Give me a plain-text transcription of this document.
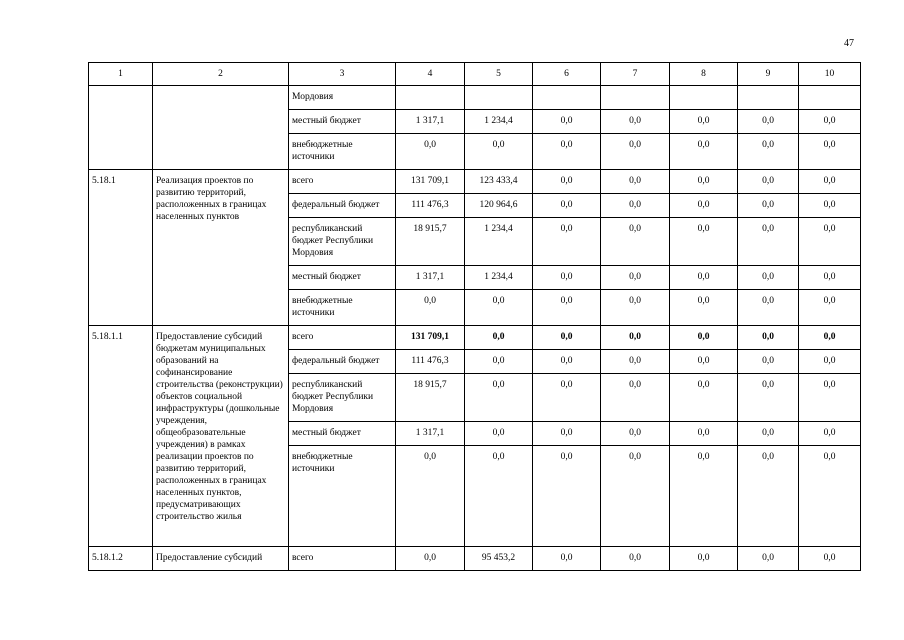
47
1	2	3	4	5	6	7	8	9	10
		Мордовия							
		местный бюджет	1 317,1	1 234,4	0,0	0,0	0,0	0,0	0,0
		внебюджетные источники	0,0	0,0	0,0	0,0	0,0	0,0	0,0
5.18.1	Реализация проектов по развитию территорий, расположенных в границах населенных пунктов	всего	131 709,1	123 433,4	0,0	0,0	0,0	0,0	0,0
		федеральный бюджет	111 476,3	120 964,6	0,0	0,0	0,0	0,0	0,0
		республиканский бюджет Республики Мордовия	18 915,7	1 234,4	0,0	0,0	0,0	0,0	0,0
		местный бюджет	1 317,1	1 234,4	0,0	0,0	0,0	0,0	0,0
		внебюджетные источники	0,0	0,0	0,0	0,0	0,0	0,0	0,0
5.18.1.1	Предоставление субсидий бюджетам муниципальных образований на софинансирование строительства (реконструкции) объектов социальной инфраструктуры (дошкольные учреждения, общеобразовательные учреждения) в рамках реализации проектов по развитию территорий, расположенных в границах населенных пунктов, предусматривающих строительство жилья	всего	131 709,1	0,0	0,0	0,0	0,0	0,0	0,0
		федеральный бюджет	111 476,3	0,0	0,0	0,0	0,0	0,0	0,0
		республиканский бюджет Республики Мордовия	18 915,7	0,0	0,0	0,0	0,0	0,0	0,0
		местный бюджет	1 317,1	0,0	0,0	0,0	0,0	0,0	0,0
		внебюджетные источники	0,0	0,0	0,0	0,0	0,0	0,0	0,0
5.18.1.2	Предоставление субсидий	всего	0,0	95 453,2	0,0	0,0	0,0	0,0	0,0
